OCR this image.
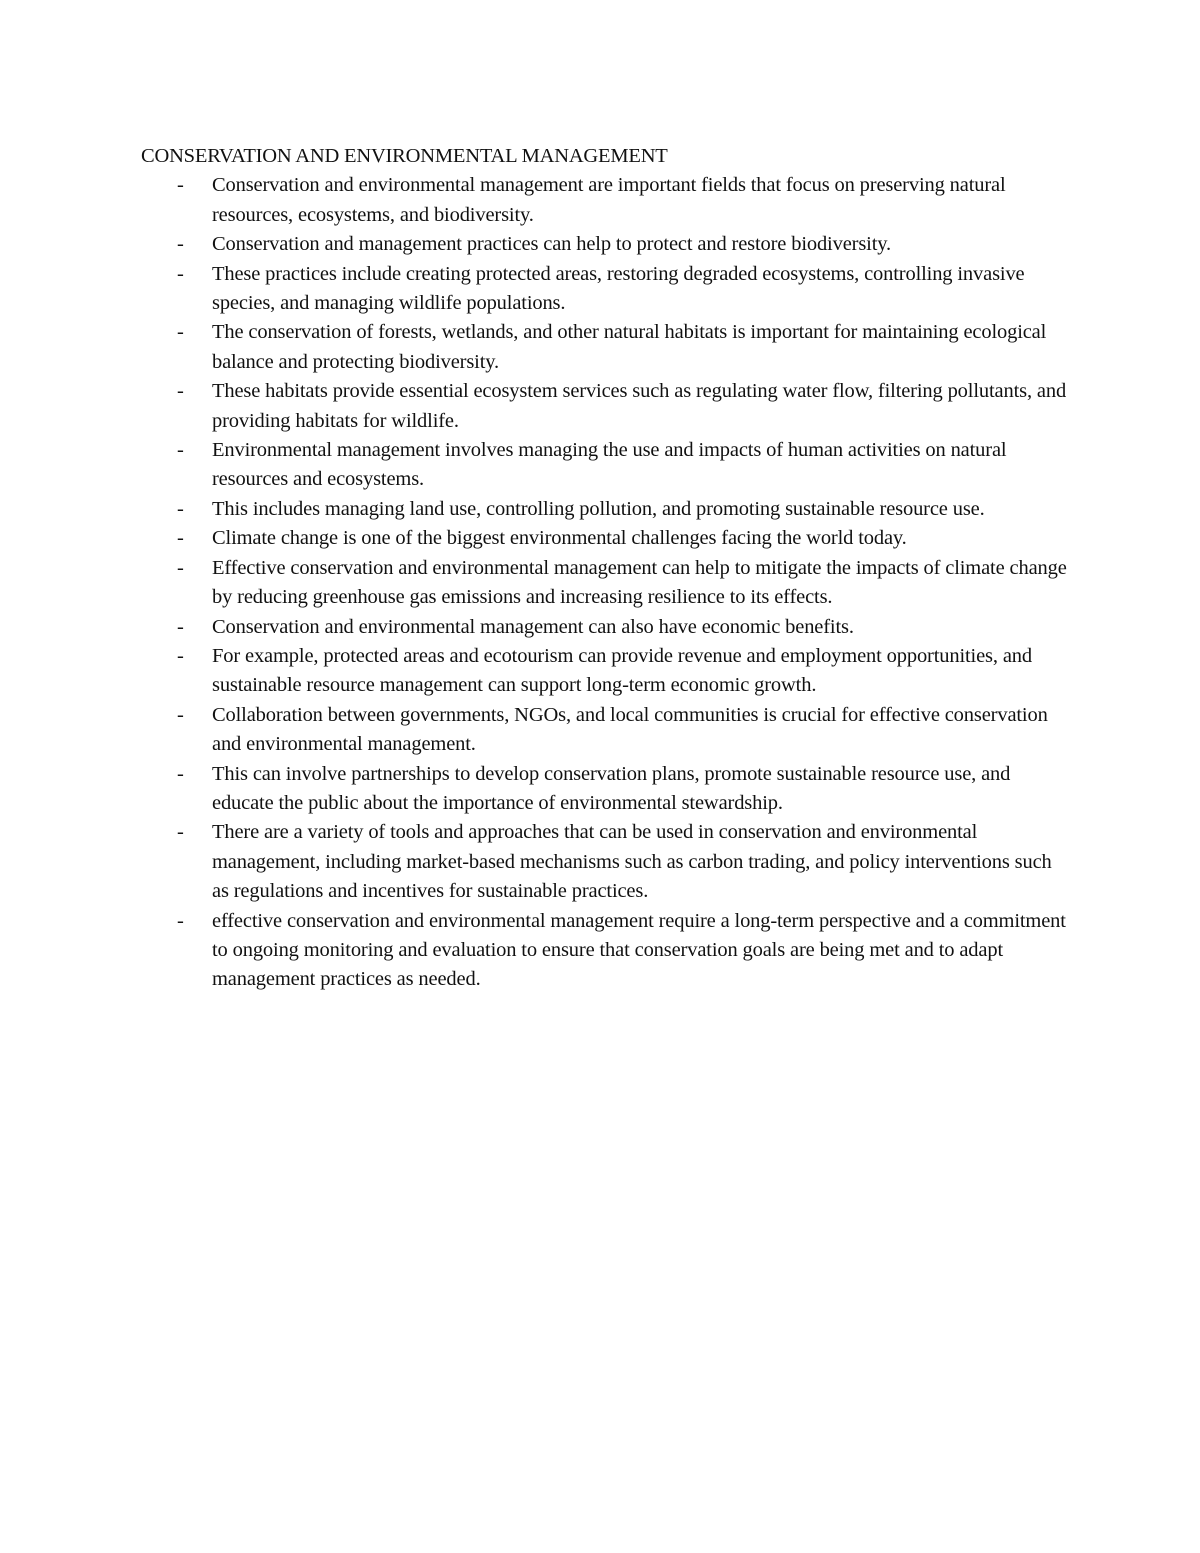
CONSERVATION AND ENVIRONMENTAL MANAGEMENT
- Conservation and environmental management are important fields that focus on preserving natural resources, ecosystems, and biodiversity.
- Conservation and management practices can help to protect and restore biodiversity.
- These practices include creating protected areas, restoring degraded ecosystems, controlling invasive species, and managing wildlife populations.
- The conservation of forests, wetlands, and other natural habitats is important for maintaining ecological balance and protecting biodiversity.
- These habitats provide essential ecosystem services such as regulating water flow, filtering pollutants, and providing habitats for wildlife.
- Environmental management involves managing the use and impacts of human activities on natural resources and ecosystems.
- This includes managing land use, controlling pollution, and promoting sustainable resource use.
- Climate change is one of the biggest environmental challenges facing the world today.
- Effective conservation and environmental management can help to mitigate the impacts of climate change by reducing greenhouse gas emissions and increasing resilience to its effects.
- Conservation and environmental management can also have economic benefits.
- For example, protected areas and ecotourism can provide revenue and employment opportunities, and sustainable resource management can support long-term economic growth.
- Collaboration between governments, NGOs, and local communities is crucial for effective conservation and environmental management.
- This can involve partnerships to develop conservation plans, promote sustainable resource use, and educate the public about the importance of environmental stewardship.
- There are a variety of tools and approaches that can be used in conservation and environmental management, including market-based mechanisms such as carbon trading, and policy interventions such as regulations and incentives for sustainable practices.
- effective conservation and environmental management require a long-term perspective and a commitment to ongoing monitoring and evaluation to ensure that conservation goals are being met and to adapt management practices as needed.
